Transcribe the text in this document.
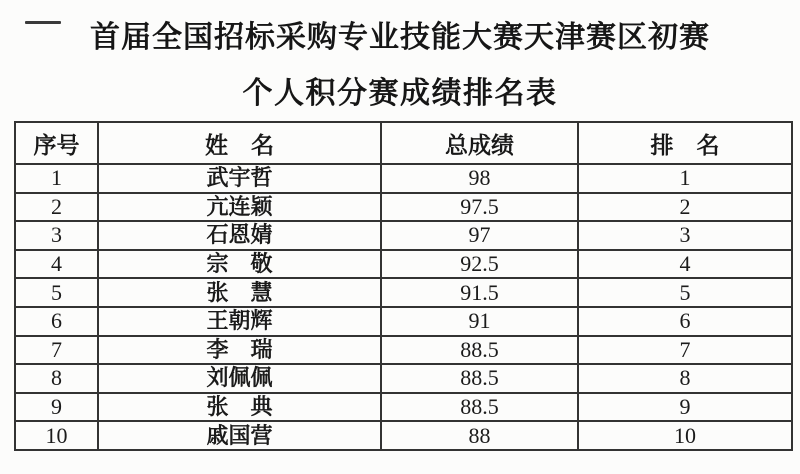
首届全国招标采购专业技能大赛天津赛区初赛
个人积分赛成绩排名表
序号	姓　名	总成绩	排　名
1	武宇哲	98	1
2	亢连颖	97.5	2
3	石恩婧	97	3
4	宗　敬	92.5	4
5	张　慧	91.5	5
6	王朝辉	91	6
7	李　瑞	88.5	7
8	刘佩佩	88.5	8
9	张　典	88.5	9
10	戚国营	88	10
